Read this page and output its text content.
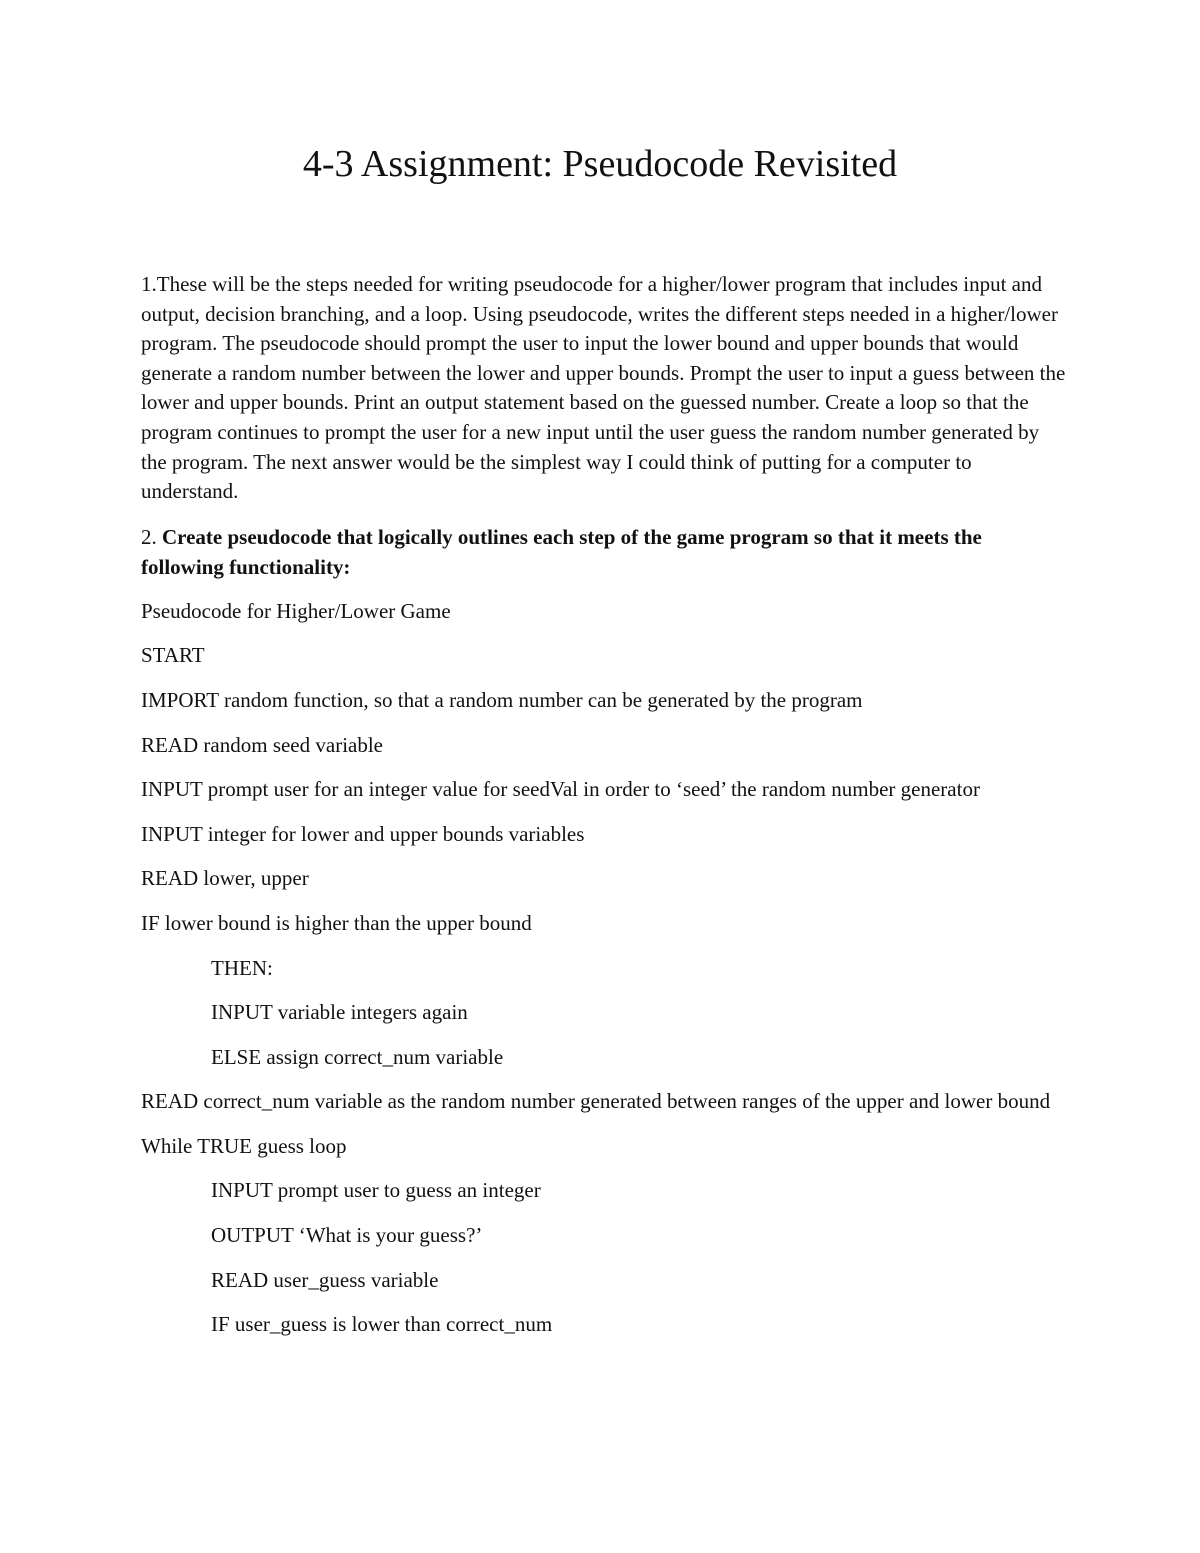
4-3 Assignment: Pseudocode Revisited

1.These will be the steps needed for writing pseudocode for a higher/lower program that includes input and output, decision branching, and a loop. Using pseudocode, writes the different steps needed in a higher/lower program. The pseudocode should prompt the user to input the lower bound and upper bounds that would generate a random number between the lower and upper bounds. Prompt the user to input a guess between the lower and upper bounds. Print an output statement based on the guessed number. Create a loop so that the program continues to prompt the user for a new input until the user guess the random number generated by the program. The next answer would be the simplest way I could think of putting for a computer to understand.

2. Create pseudocode that logically outlines each step of the game program so that it meets the following functionality:

Pseudocode for Higher/Lower Game

START

IMPORT random function, so that a random number can be generated by the program

READ random seed variable

INPUT prompt user for an integer value for seedVal in order to ‘seed’ the random number generator

INPUT integer for lower and upper bounds variables

READ lower, upper

IF lower bound is higher than the upper bound

THEN:

INPUT variable integers again

ELSE assign correct_num variable

READ correct_num variable as the random number generated between ranges of the upper and lower bound

While TRUE guess loop

INPUT prompt user to guess an integer

OUTPUT ‘What is your guess?’

READ user_guess variable

IF user_guess is lower than correct_num
